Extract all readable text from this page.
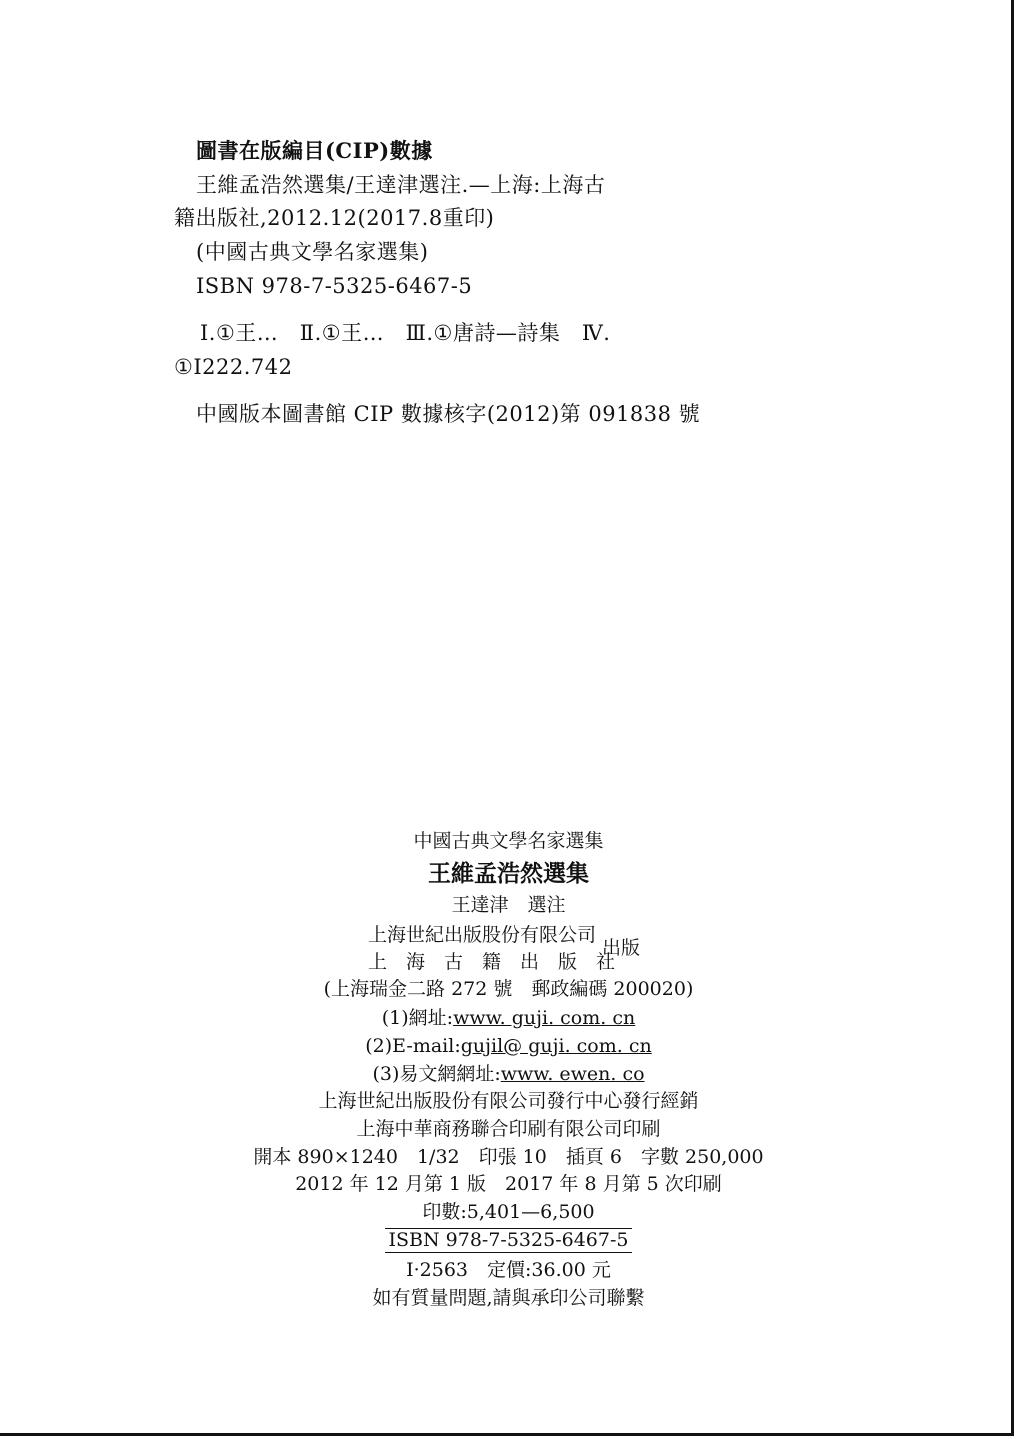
圖書在版編目(CIP)數據
王維孟浩然選集/王達津選注.—上海:上海古
籍出版社,2012.12(2017.8重印)
(中國古典文學名家選集)
ISBN 978-7-5325-6467-5
Ⅰ.①王…　Ⅱ.①王…　Ⅲ.①唐詩—詩集　Ⅳ.
①I222.742
中國版本圖書館 CIP 數據核字(2012)第 091838 號
中國古典文學名家選集
王維孟浩然選集
王達津　選注
上海世紀出版股份有限公司
上　海　古　籍　出　版　社
出版
(上海瑞金二路 272 號　郵政編碼 200020)
(1)網址:www. guji. com. cn
(2)E-mail:gujil@ guji. com. cn
(3)易文網網址:www. ewen. co
上海世紀出版股份有限公司發行中心發行經銷
上海中華商務聯合印刷有限公司印刷
開本 890×1240　1/32　印張 10　插頁 6　字數 250,000
2012 年 12 月第 1 版　2017 年 8 月第 5 次印刷
印數:5,401—6,500
ISBN 978-7-5325-6467-5
Ⅰ·2563　定價:36.00 元
如有質量問題,請與承印公司聯繫
